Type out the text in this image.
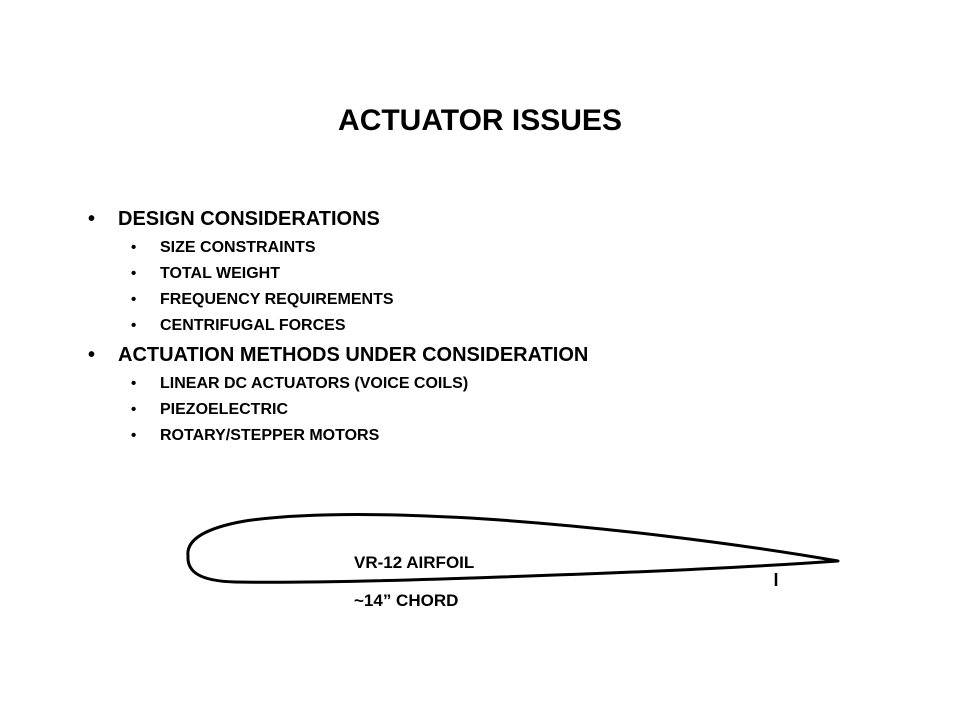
ACTUATOR ISSUES
• DESIGN CONSIDERATIONS
• SIZE CONSTRAINTS
• TOTAL WEIGHT
• FREQUENCY REQUIREMENTS
• CENTRIFUGAL FORCES
• ACTUATION METHODS UNDER CONSIDERATION
• LINEAR DC ACTUATORS (VOICE COILS)
• PIEZOELECTRIC
• ROTARY/STEPPER MOTORS
VR-12 AIRFOIL
~14” CHORD
